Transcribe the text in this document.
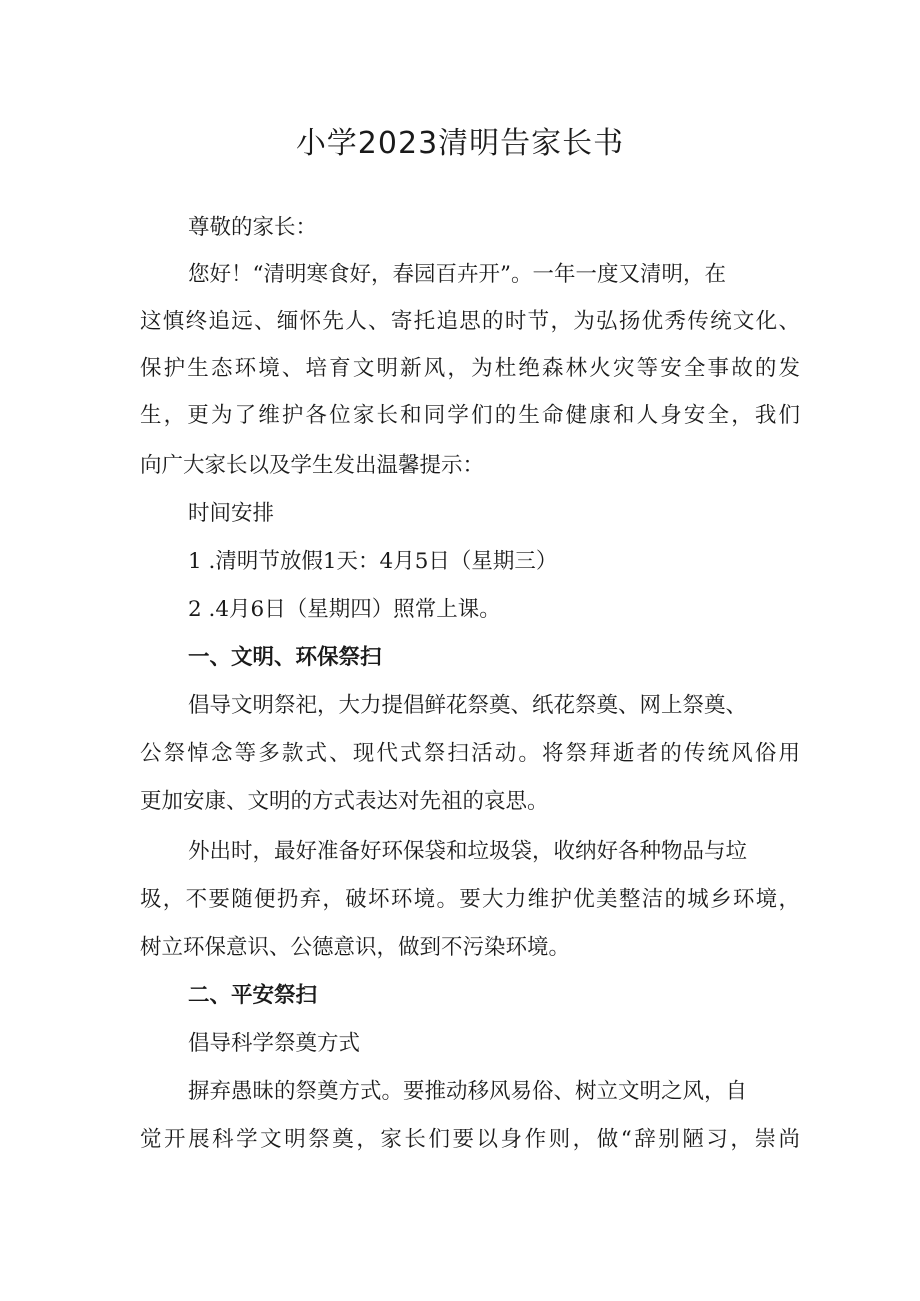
小学2023清明告家长书

尊敬的家长：

您好！“清明寒食好，春园百卉开”。一年一度又清明，在

这慎终追远、缅怀先人、寄托追思的时节，为弘扬优秀传统文化、

保护生态环境、培育文明新风，为杜绝森林火灾等安全事故的发

生，更为了维护各位家长和同学们的生命健康和人身安全，我们

向广大家长以及学生发出温馨提示：

时间安排

1 .清明节放假1天：4月5日（星期三）

2 .4月6日（星期四）照常上课。

一、文明、环保祭扫

倡导文明祭祀，大力提倡鲜花祭奠、纸花祭奠、网上祭奠、

公祭悼念等多款式、现代式祭扫活动。将祭拜逝者的传统风俗用

更加安康、文明的方式表达对先祖的哀思。

外出时，最好准备好环保袋和垃圾袋，收纳好各种物品与垃

圾，不要随便扔弃，破坏环境。要大力维护优美整洁的城乡环境，

树立环保意识、公德意识，做到不污染环境。

二、平安祭扫

倡导科学祭奠方式

摒弃愚昧的祭奠方式。要推动移风易俗、树立文明之风，自

觉开展科学文明祭奠，家长们要以身作则，做“辞别陋习，崇尚
